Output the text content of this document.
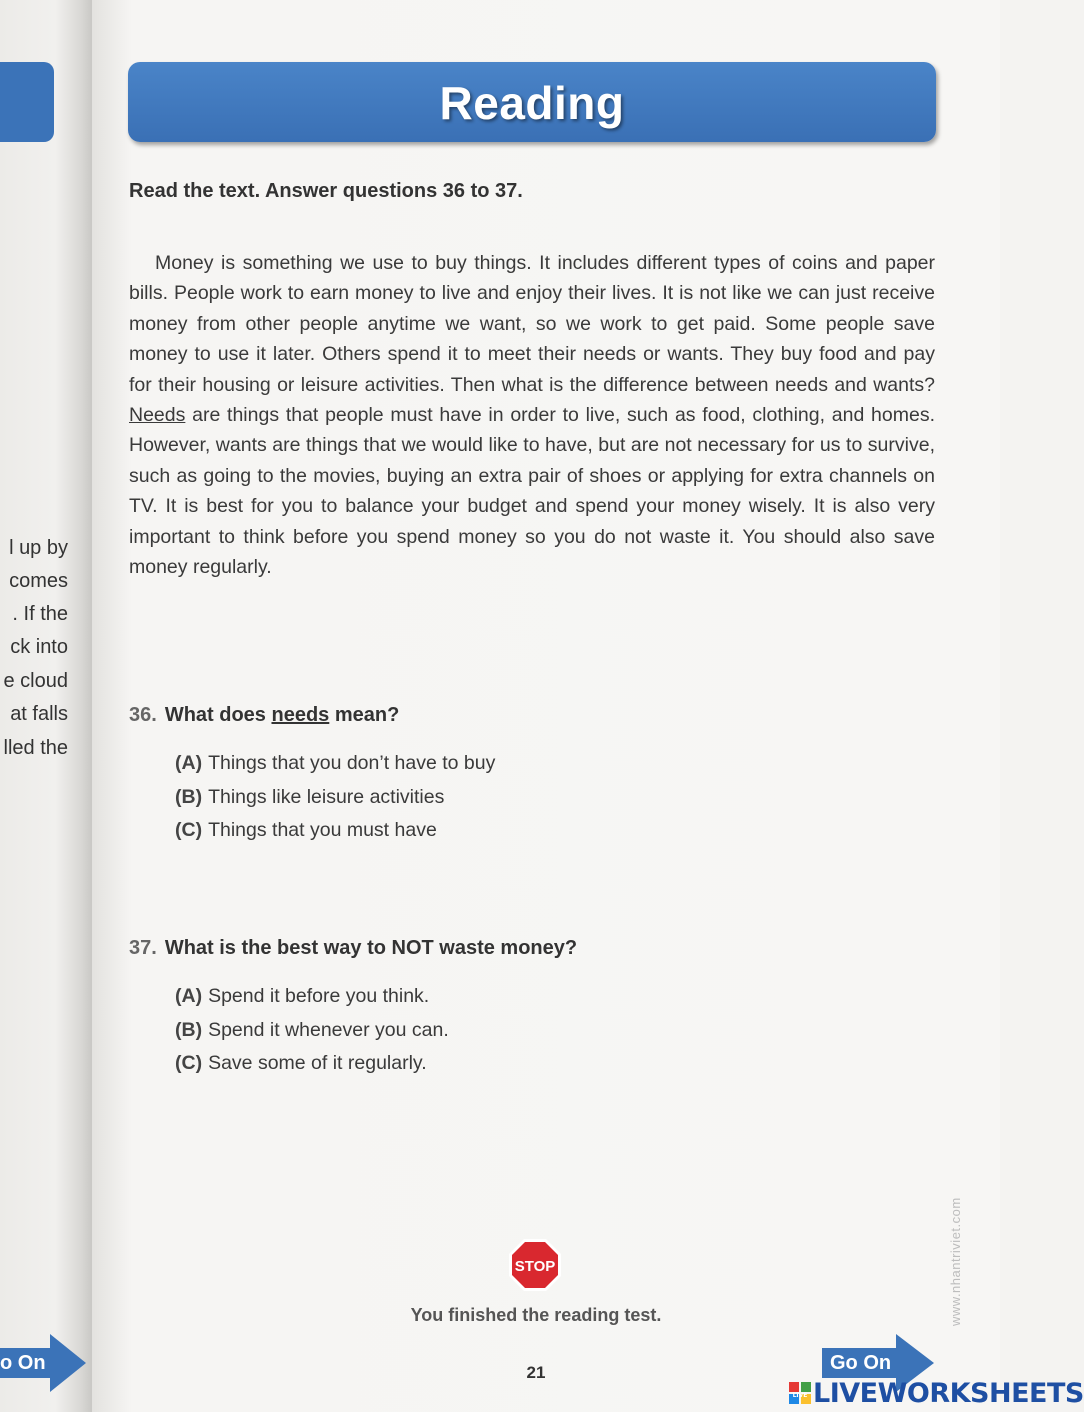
l up by
comes
. If the
ck into
e cloud
at falls
lled the
o On
Reading
Read the text. Answer questions 36 to 37.

Money is something we use to buy things. It includes different types of coins and paper bills. People work to earn money to live and enjoy their lives. It is not like we can just receive money from other people anytime we want, so we work to get paid. Some people save money to use it later. Others spend it to meet their needs or wants. They buy food and pay for their housing or leisure activities. Then what is the difference between needs and wants? Needs are things that people must have in order to live, such as food, clothing, and homes. However, wants are things that we would like to have, but are not necessary for us to survive, such as going to the movies, buying an extra pair of shoes or applying for extra channels on TV. It is best for you to balance your budget and spend your money wisely. It is also very important to think before you spend money so you do not waste it. You should also save money regularly.

36. What does needs mean?
(A) Things that you don’t have to buy
(B) Things like leisure activities
(C) Things that you must have
37. What is the best way to NOT waste money?
(A) Spend it before you think.
(B) Spend it whenever you can.
(C) Save some of it regularly.
STOP
You finished the reading test.
21	Go On
www.nhantriviet.com
LIVE LIVEWORKSHEETS
